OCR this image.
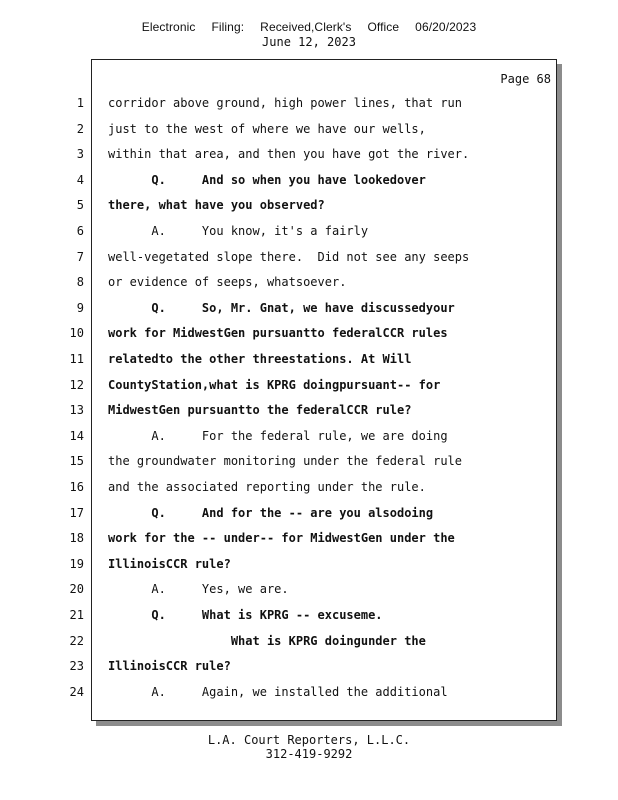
Electronic Filing: Received,Clerk's Office 06/20/2023
June 12, 2023
Page 68
1 corridor above ground, high power lines, that run
2 just to the west of where we have our wells,
3 within that area, and then you have got the river.
4 Q.     And so when you have lookedover
5 there, what have you observed?
6 A.     You know, it's a fairly
7 well-vegetated slope there.  Did not see any seeps
8 or evidence of seeps, whatsoever.
9 Q.     So, Mr. Gnat, we have discussedyour
10 work for MidwestGen pursuantto federalCCR rules
11 relatedto the other threestations. At Will
12 CountyStation,what is KPRG doingpursuant-- for
13 MidwestGen pursuantto the federalCCR rule?
14 A.     For the federal rule, we are doing
15 the groundwater monitoring under the federal rule
16 and the associated reporting under the rule.
17 Q.     And for the -- are you alsodoing
18 work for the -- under-- for MidwestGen under the
19 IllinoisCCR rule?
20 A.     Yes, we are.
21 Q.     What is KPRG -- excuseme.
22 What is KPRG doingunder the
23 IllinoisCCR rule?
24 A.     Again, we installed the additional
L.A. Court Reporters, L.L.C.
312-419-9292
